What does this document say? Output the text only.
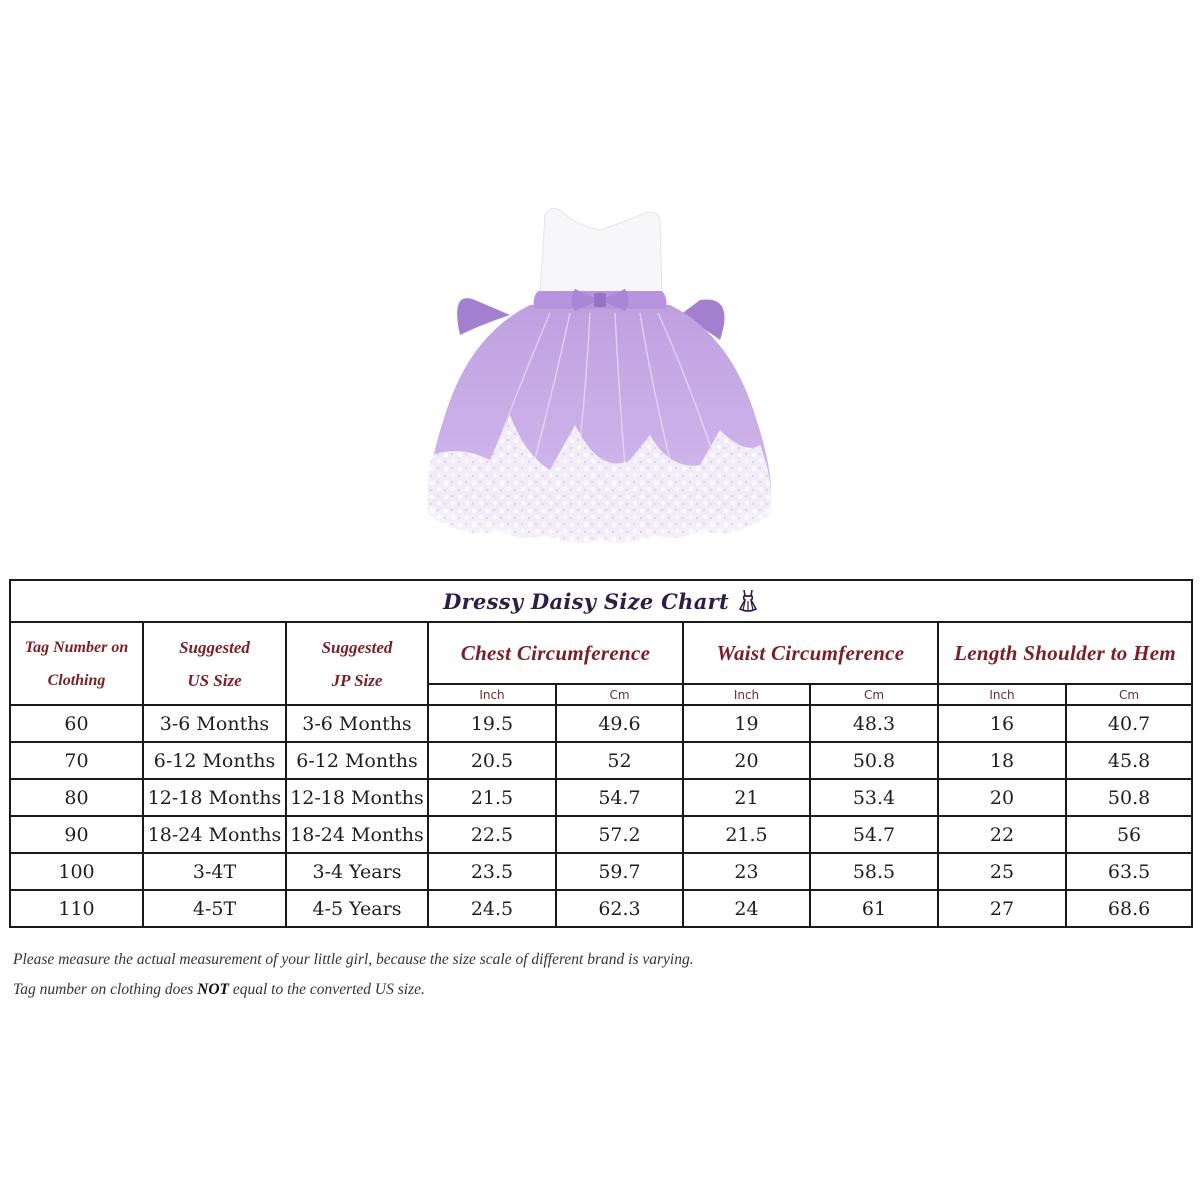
Dressy Daisy Size Chart								

Tag Number on
Clothing

Suggested
US Size

Suggested
JP Size
	Chest Circumference	Waist Circumference	Length Shoulder to Hem
			Inch	Cm	Inch	Cm	Inch	Cm
60	3-6 Months	3-6 Months	19.5	49.6	19	48.3	16	40.7
70	6-12 Months	6-12 Months	20.5	52	20	50.8	18	45.8
80	12-18 Months	12-18 Months	21.5	54.7	21	53.4	20	50.8
90	18-24 Months	18-24 Months	22.5	57.2	21.5	54.7	22	56
100	3-4T	3-4 Years	23.5	59.7	23	58.5	25	63.5
110	4-5T	4-5 Years	24.5	62.3	24	61	27	68.6
Please measure the actual measurement of your little girl, because the size scale of different brand is varying.
Tag number on clothing does NOT equal to the converted US size.
